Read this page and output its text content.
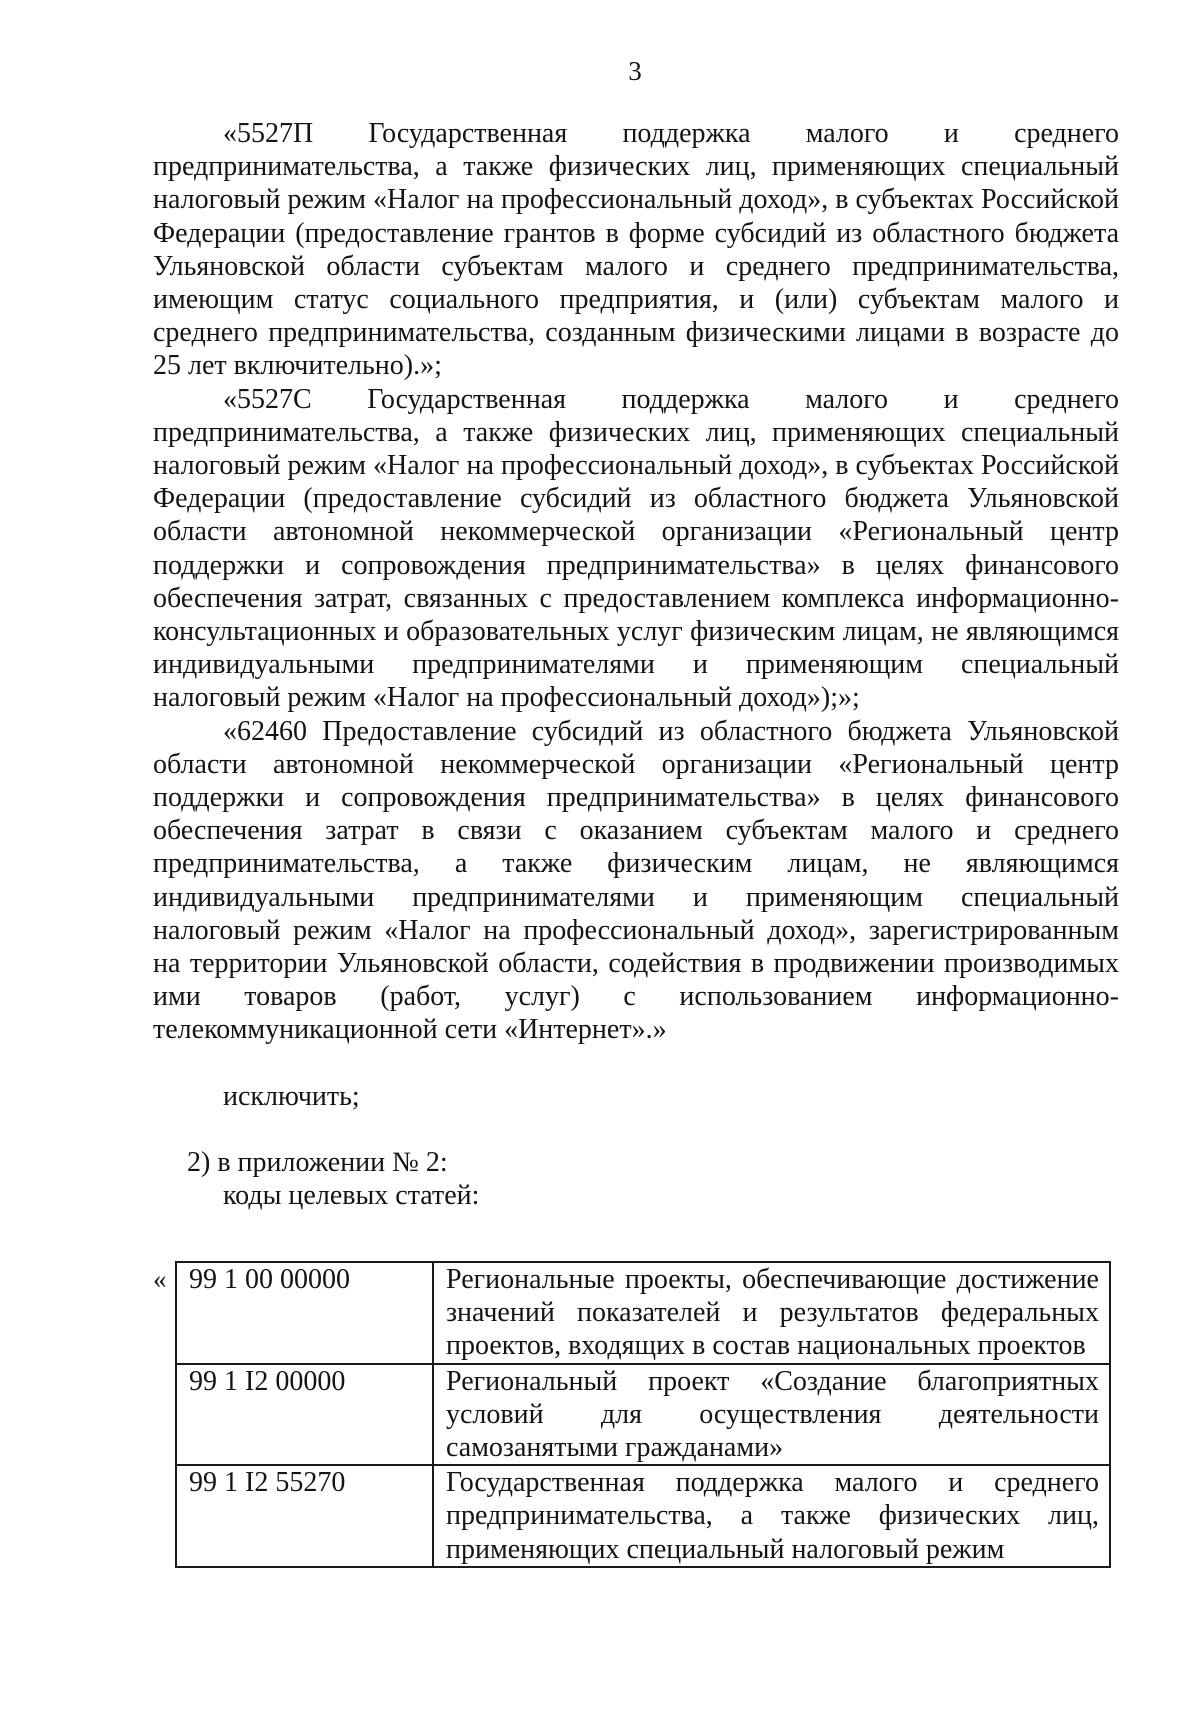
3

«5527П Государственная поддержка малого и среднего предпринимательства, а также физических лиц, применяющих специальный налоговый режим «Налог на профессиональный доход», в субъектах Российской Федерации (предоставление грантов в форме субсидий из областного бюджета Ульяновской области субъектам малого и среднего предпринимательства, имеющим статус социального предприятия, и (или) субъектам малого и среднего предпринимательства, созданным физическими лицами в возрасте до 25 лет включительно).»;

«5527С Государственная поддержка малого и среднего предпринимательства, а также физических лиц, применяющих специальный налоговый режим «Налог на профессиональный доход», в субъектах Российской Федерации (предоставление субсидий из областного бюджета Ульяновской области автономной некоммерческой организации «Региональный центр поддержки и сопровождения предпринимательства» в целях финансового обеспечения затрат, связанных с предоставлением комплекса информационно-консультационных и образовательных услуг физическим лицам, не являющимся индивидуальными предпринимателями и применяющим специальный налоговый режим «Налог на профессиональный доход»);»;

«62460 Предоставление субсидий из областного бюджета Ульяновской области автономной некоммерческой организации «Региональный центр поддержки и сопровождения предпринимательства» в целях финансового обеспечения затрат в связи с оказанием субъектам малого и среднего предпринимательства, а также физическим лицам, не являющимся индивидуальными предпринимателями и применяющим специальный налоговый режим «Налог на профессиональный доход», зарегистрированным на территории Ульяновской области, содействия в продвижении производимых ими товаров (работ, услуг) с использованием информационно-телекоммуникационной сети «Интернет».»

исключить;
2) в приложении № 2:
коды целевых статей:
« 99 1 00 00000	Региональные проекты, обеспечивающие достижение значений показателей и результатов федеральных проектов, входящих в состав национальных проектов
99 1 I2 00000	Региональный проект «Создание благоприятных условий для осуществления деятельности самозанятыми гражданами»
99 1 I2 55270	Государственная поддержка малого и среднего предпринимательства, а также физических лиц, применяющих специальный налоговый режим
